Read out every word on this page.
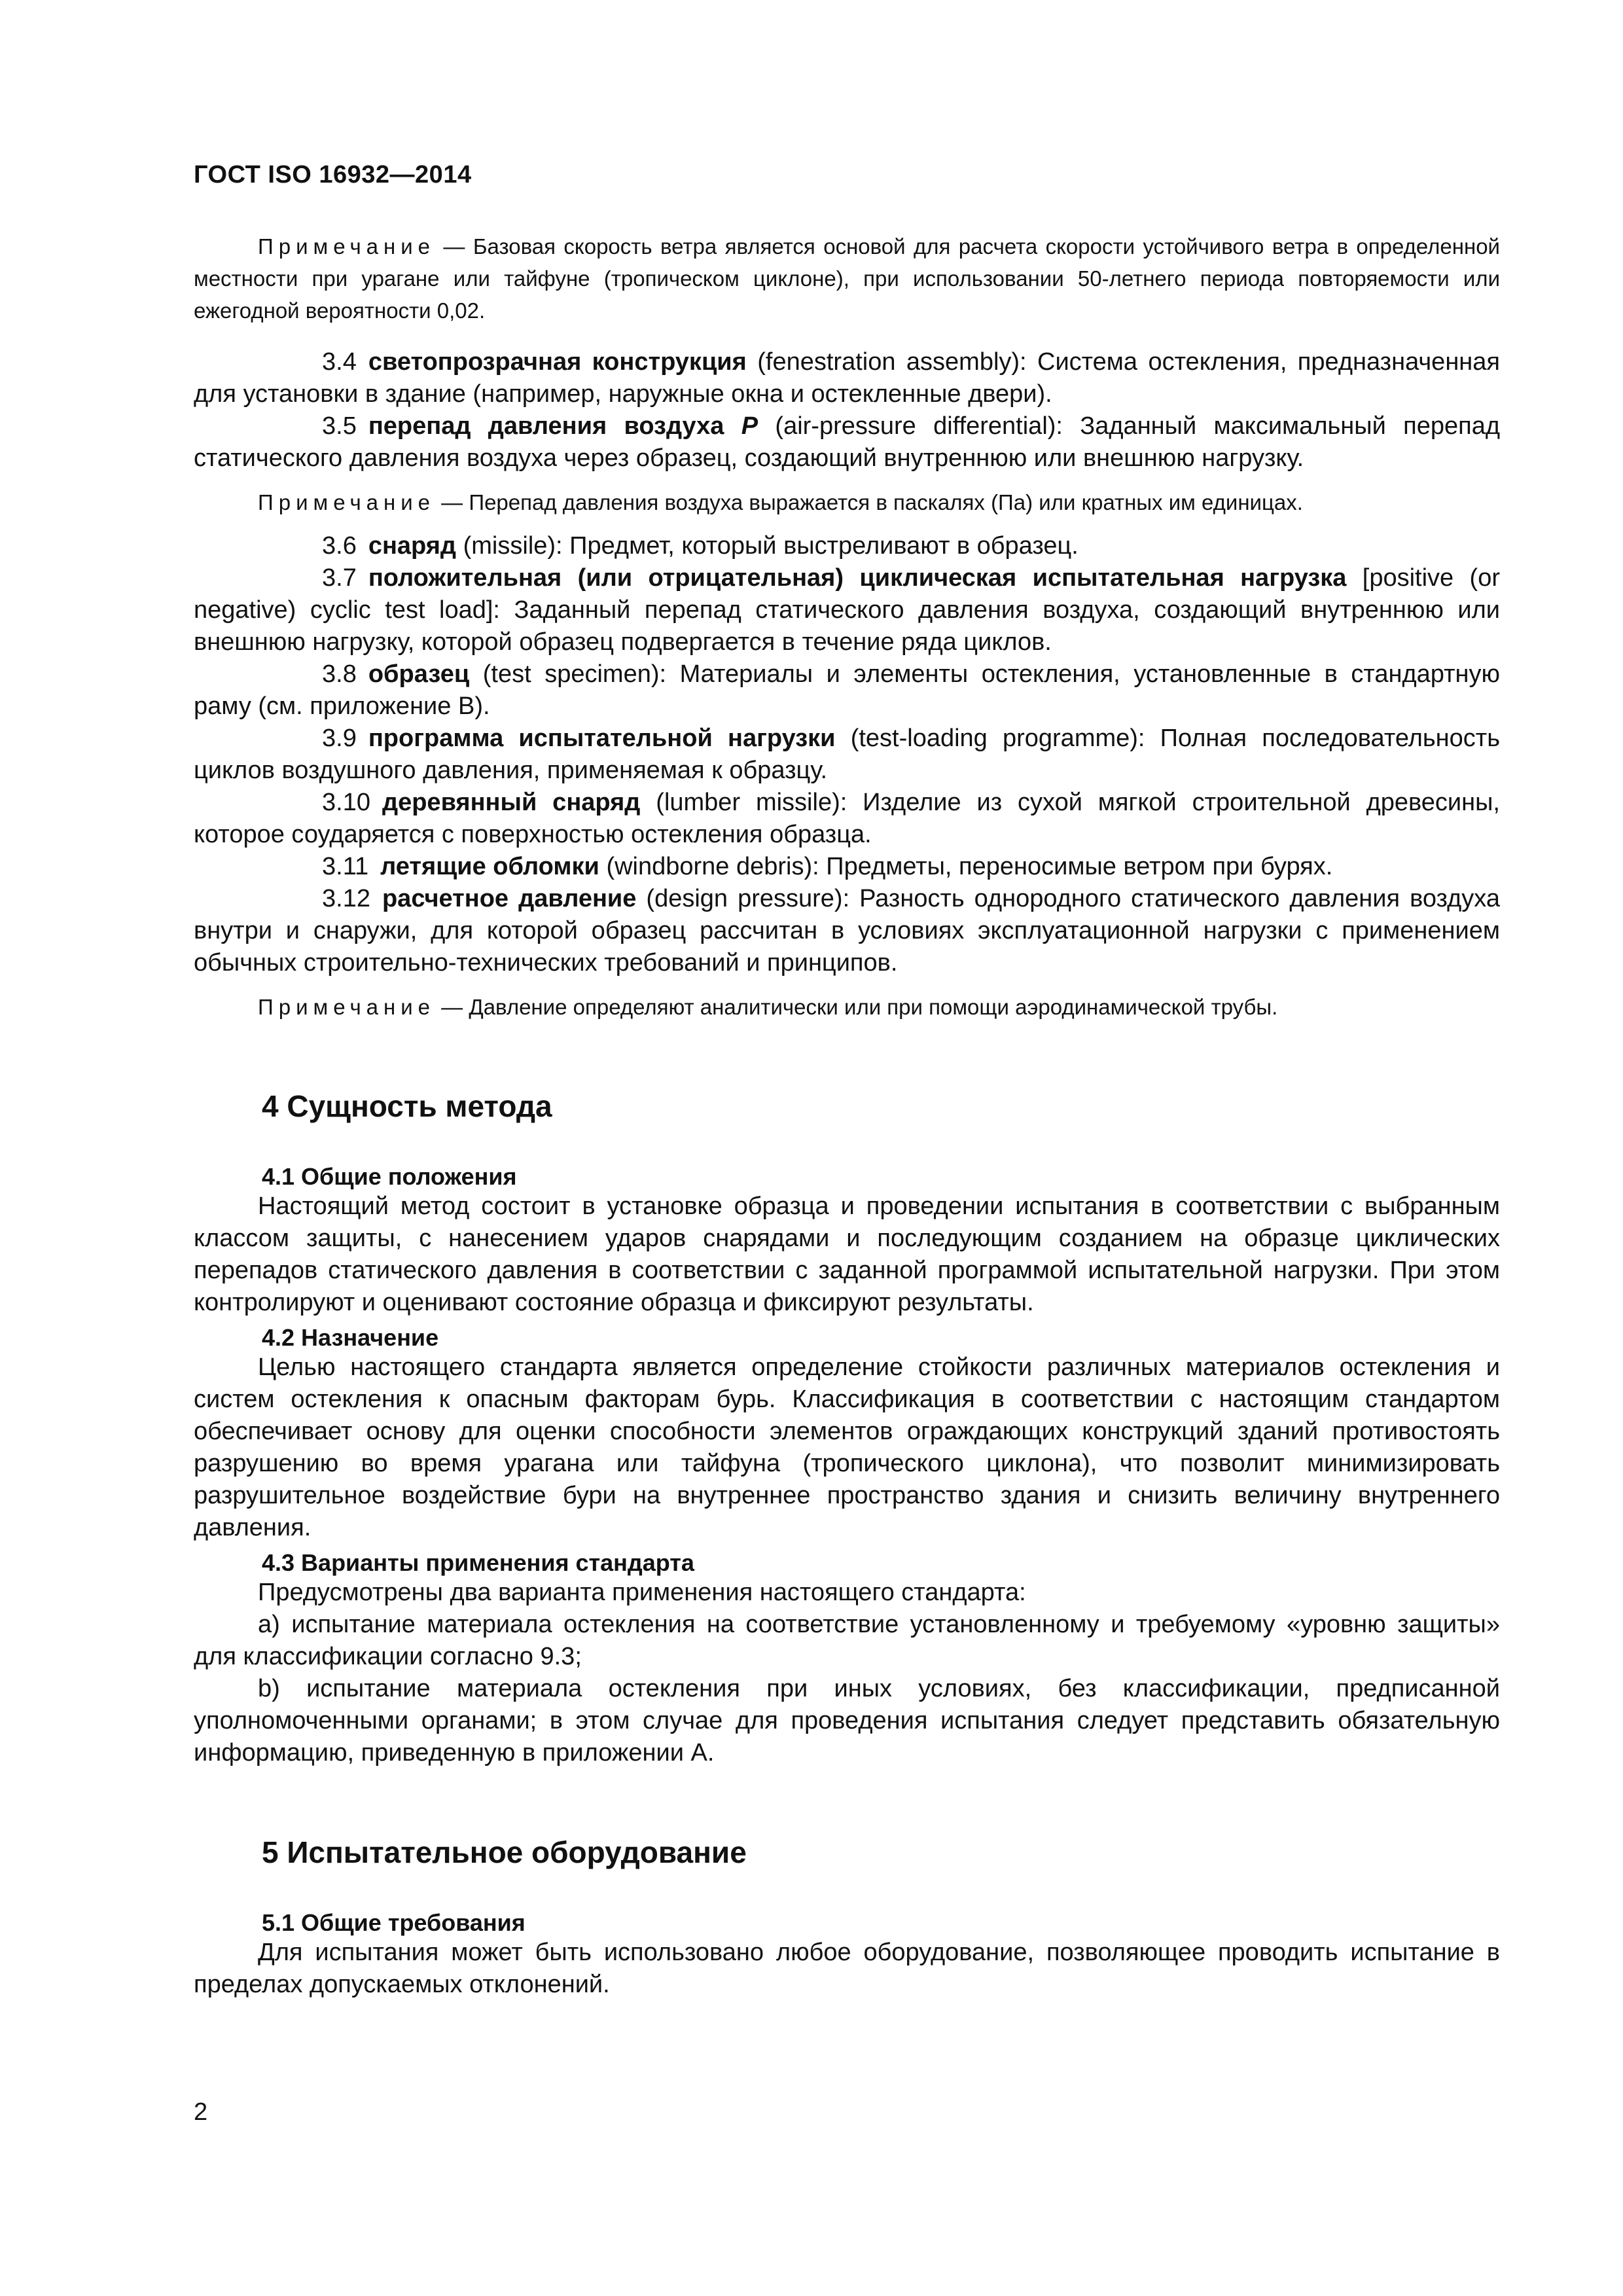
ГОСТ ISO 16932—2014
Примечание — Базовая скорость ветра является основой для расчета скорости устойчивого ветра в определенной местности при урагане или тайфуне (тропическом циклоне), при использовании 50-летнего периода повторяемости или ежегодной вероятности 0,02.
3.4 светопрозрачная конструкция (fenestration assembly): Система остекления, предназначенная для установки в здание (например, наружные окна и остекленные двери).
3.5 перепад давления воздуха P (air-pressure differential): Заданный максимальный перепад статического давления воздуха через образец, создающий внутреннюю или внешнюю нагрузку.
Примечание — Перепад давления воздуха выражается в паскалях (Па) или кратных им единицах.
3.6 снаряд (missile): Предмет, который выстреливают в образец.
3.7 положительная (или отрицательная) циклическая испытательная нагрузка [positive (or negative) cyclic test load]: Заданный перепад статического давления воздуха, создающий внутреннюю или внешнюю нагрузку, которой образец подвергается в течение ряда циклов.
3.8 образец (test specimen): Материалы и элементы остекления, установленные в стандартную раму (см. приложение В).
3.9 программа испытательной нагрузки (test-loading programme): Полная последовательность циклов воздушного давления, применяемая к образцу.
3.10 деревянный снаряд (lumber missile): Изделие из сухой мягкой строительной древесины, которое соударяется с поверхностью остекления образца.
3.11 летящие обломки (windborne debris): Предметы, переносимые ветром при бурях.
3.12 расчетное давление (design pressure): Разность однородного статического давления воздуха внутри и снаружи, для которой образец рассчитан в условиях эксплуатационной нагрузки с применением обычных строительно-технических требований и принципов.
Примечание — Давление определяют аналитически или при помощи аэродинамической трубы.
4 Сущность метода
4.1 Общие положения
Настоящий метод состоит в установке образца и проведении испытания в соответствии с выбранным классом защиты, с нанесением ударов снарядами и последующим созданием на образце циклических перепадов статического давления в соответствии с заданной программой испытательной нагрузки. При этом контролируют и оценивают состояние образца и фиксируют результаты.
4.2 Назначение
Целью настоящего стандарта является определение стойкости различных материалов остекления и систем остекления к опасным факторам бурь. Классификация в соответствии с настоящим стандартом обеспечивает основу для оценки способности элементов ограждающих конструкций зданий противостоять разрушению во время урагана или тайфуна (тропического циклона), что позволит минимизировать разрушительное воздействие бури на внутреннее пространство здания и снизить величину внутреннего давления.
4.3 Варианты применения стандарта
Предусмотрены два варианта применения настоящего стандарта:
a) испытание материала остекления на соответствие установленному и требуемому «уровню защиты» для классификации согласно 9.3;
b) испытание материала остекления при иных условиях, без классификации, предписанной уполномоченными органами; в этом случае для проведения испытания следует представить обязательную информацию, приведенную в приложении А.
5 Испытательное оборудование
5.1 Общие требования
Для испытания может быть использовано любое оборудование, позволяющее проводить испытание в пределах допускаемых отклонений.
2
